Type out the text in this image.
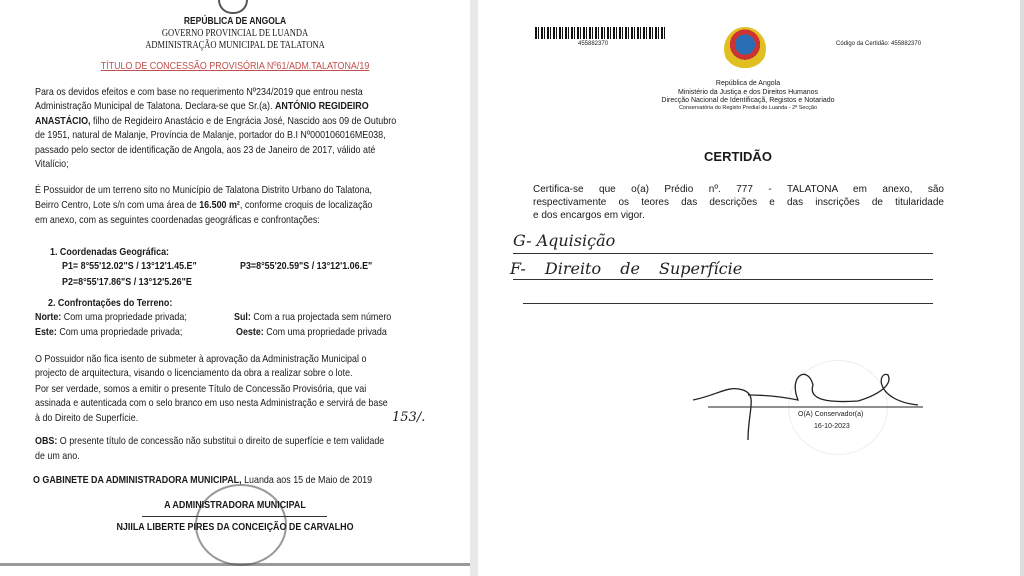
REPÚBLICA DE ANGOLA
GOVERNO PROVINCIAL DE LUANDA
ADMINISTRAÇÃO MUNICIPAL DE TALATONA
TÍTULO DE CONCESSÃO PROVISÓRIA Nº61/ADM.TALATONA/19
Para os devidos efeitos e com base no requerimento Nº234/2019 que entrou nesta
Administração Municipal de Talatona. Declara-se que Sr.(a). ANTÓNIO REGIDEIRO
ANASTÁCIO, filho de Regideiro Anastácio e de Engrácia José, Nascido aos 09 de Outubro
de 1951, natural de Malanje, Província de Malanje, portador do B.I Nº000106016ME038,
passado pelo sector de identificação de Angola, aos 23 de Janeiro de 2017, válido até
Vitalício;
É Possuidor de um terreno sito no Município de Talatona Distrito Urbano do Talatona,
Beirro Centro, Lote s/n com uma área de 16.500 m², conforme croquis de localização
em anexo, com as seguintes coordenadas geográficas e confrontações:
1. Coordenadas Geográfica:
P1= 8°55'12.02"S / 13°12'1.45.E"	P3=8°55'20.59"S / 13°12'1.06.E"
P2=8°55'17.86"S / 13°12'5.26"E
2. Confrontações do Terreno:
Norte: Com uma propriedade privada;	Sul: Com a rua projectada sem número
Este: Com uma propriedade privada;	Oeste: Com uma propriedade privada
O Possuidor não fica isento de submeter à aprovação da Administração Municipal o
projecto de arquitectura, visando o licenciamento da obra a realizar sobre o lote.
Por ser verdade, somos a emitir o presente Título de Concessão Provisória, que vai
assinada e autenticada com o selo branco em uso nesta Administração e servirá de base
à do Direito de Superfície.	153/.
OBS: O presente título de concessão não substitui o direito de superfície e tem validade
de um ano.
O GABINETE DA ADMINISTRADORA MUNICIPAL, Luanda aos 15 de Maio de 2019
A ADMINISTRADORA MUNICIPAL
NJIILA LIBERTE PIRES DA CONCEIÇÃO DE CARVALHO
455882370	Código da Certidão: 455882370
República de Angola
Ministério da Justiça e dos Direitos Humanos
Direcção Nacional de Identificaçã, Registos e Notariado
Conservatória do Registo Predial de Luanda - 2ª Secção
CERTIDÃO
Certifica-se que o(a) Prédio nº. 777 - TALATONA em anexo, são
respectivamente os teores das descrições e das inscrições de titularidade
e dos encargos em vigor.
G- Aquisição
F- Direito de Superfície
O(A) Conservador(a)
16-10-2023
